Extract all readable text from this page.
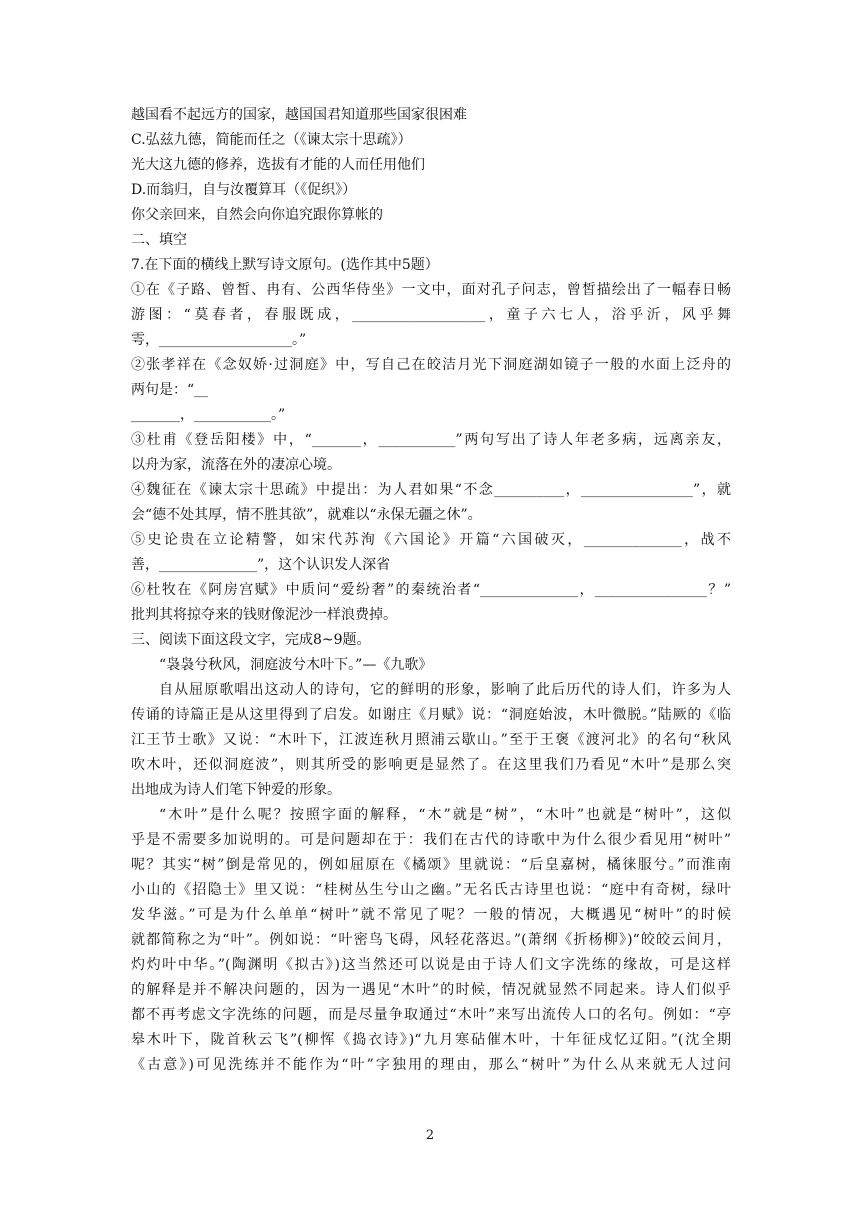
越国看不起远方的国家，越国国君知道那些国家很困难
C.弘兹九德，简能而任之（《谏太宗十思疏》）
光大这九德的修养，选拔有才能的人而任用他们
D.而翁归，自与汝覆算耳（《促织》）
你父亲回来，自然会向你追究跟你算帐的
二、填空
7.在下面的横线上默写诗文原句。(选作其中5题）
①在《子路、曾皙、冉有、公西华侍坐》一文中，面对孔子问志，曾皙描绘出了一幅春日畅
游图：“莫春者，春服既成，___________________，童子六七人，浴乎沂，风乎舞
雩，___________________。”
②张孝祥在《念奴娇·过洞庭》中，写自己在皎洁月光下洞庭湖如镜子一般的水面上泛舟的
两句是：“__
_______，___________。”
③杜甫《登岳阳楼》中，“_______，___________”两句写出了诗人年老多病，远离亲友，
以舟为家，流落在外的凄凉心境。
④魏征在《谏太宗十思疏》中提出：为人君如果“不念__________，________________”，就
会“德不处其厚，情不胜其欲”，就难以“永保无疆之休”。
⑤史论贵在立论精警，如宋代苏洵《六国论》开篇“六国破灭，______________，战不
善，______________”，这个认识发人深省
⑥杜牧在《阿房宫赋》中质问“爱纷奢”的秦统治者“______________，________________？”
批判其将掠夺来的钱财像泥沙一样浪费掉。
三、阅读下面这段文字，完成8~9题。
“袅袅兮秋风，洞庭波兮木叶下。”—《九歌》
自从屈原歌唱出这动人的诗句，它的鲜明的形象，影响了此后历代的诗人们，许多为人
传诵的诗篇正是从这里得到了启发。如谢庄《月赋》说：“洞庭始波，木叶微脱。”陆厥的《临
江王节士歌》又说：“木叶下，江波连秋月照浦云歇山。”至于王褒《渡河北》的名句“秋风
吹木叶，还似洞庭波”，则其所受的影响更是显然了。在这里我们乃看见“木叶”是那么突
出地成为诗人们笔下钟爱的形象。
“木叶”是什么呢？按照字面的解释，“木”就是“树”，“木叶”也就是“树叶”，这似
乎是不需要多加说明的。可是问题却在于：我们在古代的诗歌中为什么很少看见用“树叶”
呢？其实“树”倒是常见的，例如屈原在《橘颂》里就说：“后皇嘉树，橘徕服兮。”而淮南
小山的《招隐士》里又说：“桂树丛生兮山之幽。”无名氏古诗里也说：“庭中有奇树，绿叶
发华滋。”可是为什么单单“树叶”就不常见了呢？一般的情况，大概遇见“树叶”的时候
就都简称之为“叶”。例如说：“叶密鸟飞碍，风轻花落迟。”(萧纲《折杨柳》)“皎皎云间月，
灼灼叶中华。”(陶渊明《拟古》)这当然还可以说是由于诗人们文字洗练的缘故，可是这样
的解释是并不解决问题的，因为一遇见“木叶”的时候，情况就显然不同起来。诗人们似乎
都不再考虑文字洗练的问题，而是尽量争取通过“木叶”来写出流传人口的名句。例如：“亭
皋木叶下，陇首秋云飞”(柳恽《捣衣诗》)“九月寒砧催木叶，十年征戍忆辽阳。”(沈全期
《古意》)可见洗练并不能作为“叶”字独用的理由，那么“树叶”为什么从来就无人过问
2
